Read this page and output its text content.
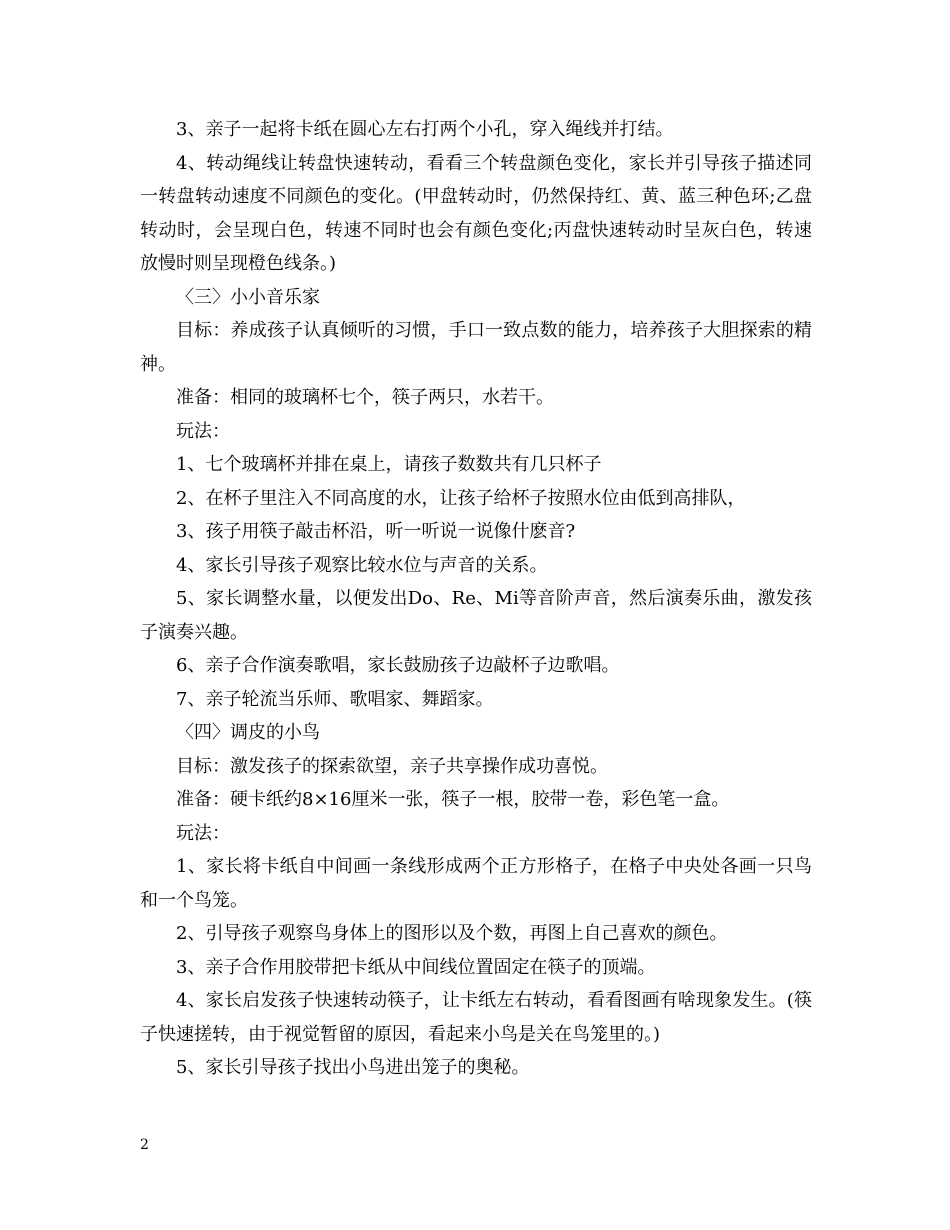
3、亲子一起将卡纸在圆心左右打两个小孔，穿入绳线并打结。

4、转动绳线让转盘快速转动，看看三个转盘颜色变化，家长并引导孩子描述同一转盘转动速度不同颜色的变化。(甲盘转动时，仍然保持红、黄、蓝三种色环;乙盘转动时，会呈现白色，转速不同时也会有颜色变化;丙盘快速转动时呈灰白色，转速放慢时则呈现橙色线条。)

〈三〉小小音乐家

目标：养成孩子认真倾听的习惯，手口一致点数的能力，培养孩子大胆探索的精神。

准备：相同的玻璃杯七个，筷子两只，水若干。

玩法：

1、七个玻璃杯并排在桌上，请孩子数数共有几只杯子

2、在杯子里注入不同高度的水，让孩子给杯子按照水位由低到高排队，

3、孩子用筷子敲击杯沿，听一听说一说像什麽音?

4、家长引导孩子观察比较水位与声音的关系。

5、家长调整水量，以便发出Do、Re、Mi等音阶声音，然后演奏乐曲，激发孩子演奏兴趣。

6、亲子合作演奏歌唱，家长鼓励孩子边敲杯子边歌唱。

7、亲子轮流当乐师、歌唱家、舞蹈家。

〈四〉调皮的小鸟

目标：激发孩子的探索欲望，亲子共享操作成功喜悦。

准备：硬卡纸约8×16厘米一张，筷子一根，胶带一卷，彩色笔一盒。

玩法：

1、家长将卡纸自中间画一条线形成两个正方形格子，在格子中央处各画一只鸟和一个鸟笼。

2、引导孩子观察鸟身体上的图形以及个数，再图上自己喜欢的颜色。

3、亲子合作用胶带把卡纸从中间线位置固定在筷子的顶端。

4、家长启发孩子快速转动筷子，让卡纸左右转动，看看图画有啥现象发生。(筷子快速搓转，由于视觉暂留的原因，看起来小鸟是关在鸟笼里的。)

5、家长引导孩子找出小鸟进出笼子的奥秘。

2
